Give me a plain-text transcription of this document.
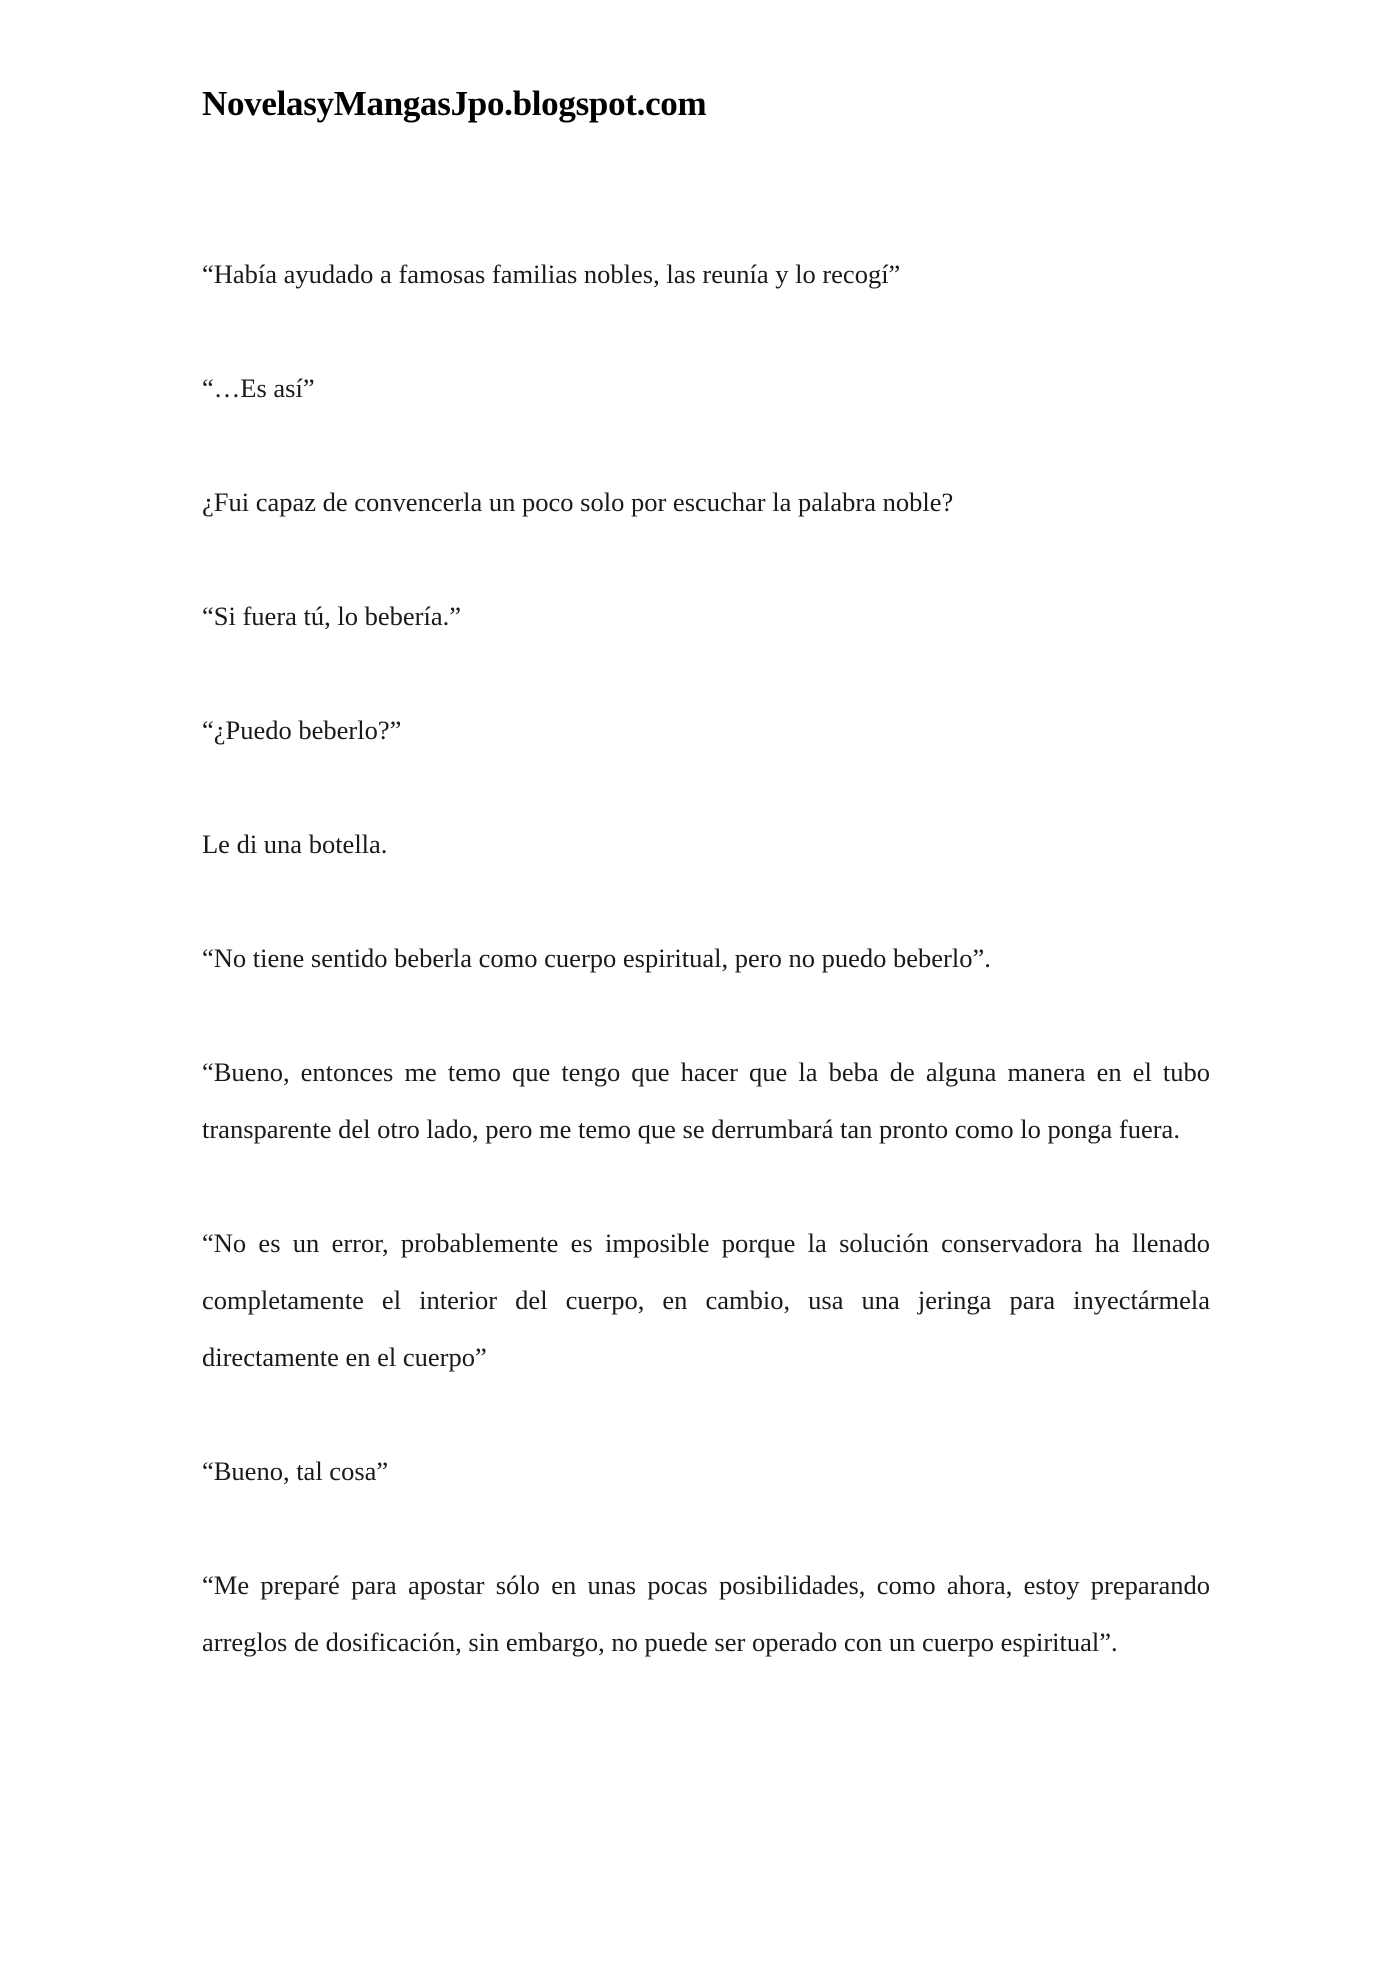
NovelasyMangasJpo.blogspot.com

“Había ayudado a famosas familias nobles, las reunía y lo recogí”

“…Es así”

¿Fui capaz de convencerla un poco solo por escuchar la palabra noble?

“Si fuera tú, lo bebería.”

“¿Puedo beberlo?”

Le di una botella.

“No tiene sentido beberla como cuerpo espiritual, pero no puedo beberlo”.

“Bueno, entonces me temo que tengo que hacer que la beba de alguna manera en el tubo transparente del otro lado, pero me temo que se derrumbará tan pronto como lo ponga fuera.

“No es un error, probablemente es imposible porque la solución conservadora ha llenado completamente el interior del cuerpo, en cambio, usa una jeringa para inyectármela directamente en el cuerpo”

“Bueno, tal cosa”

“Me preparé para apostar sólo en unas pocas posibilidades, como ahora, estoy preparando arreglos de dosificación, sin embargo, no puede ser operado con un cuerpo espiritual”.
